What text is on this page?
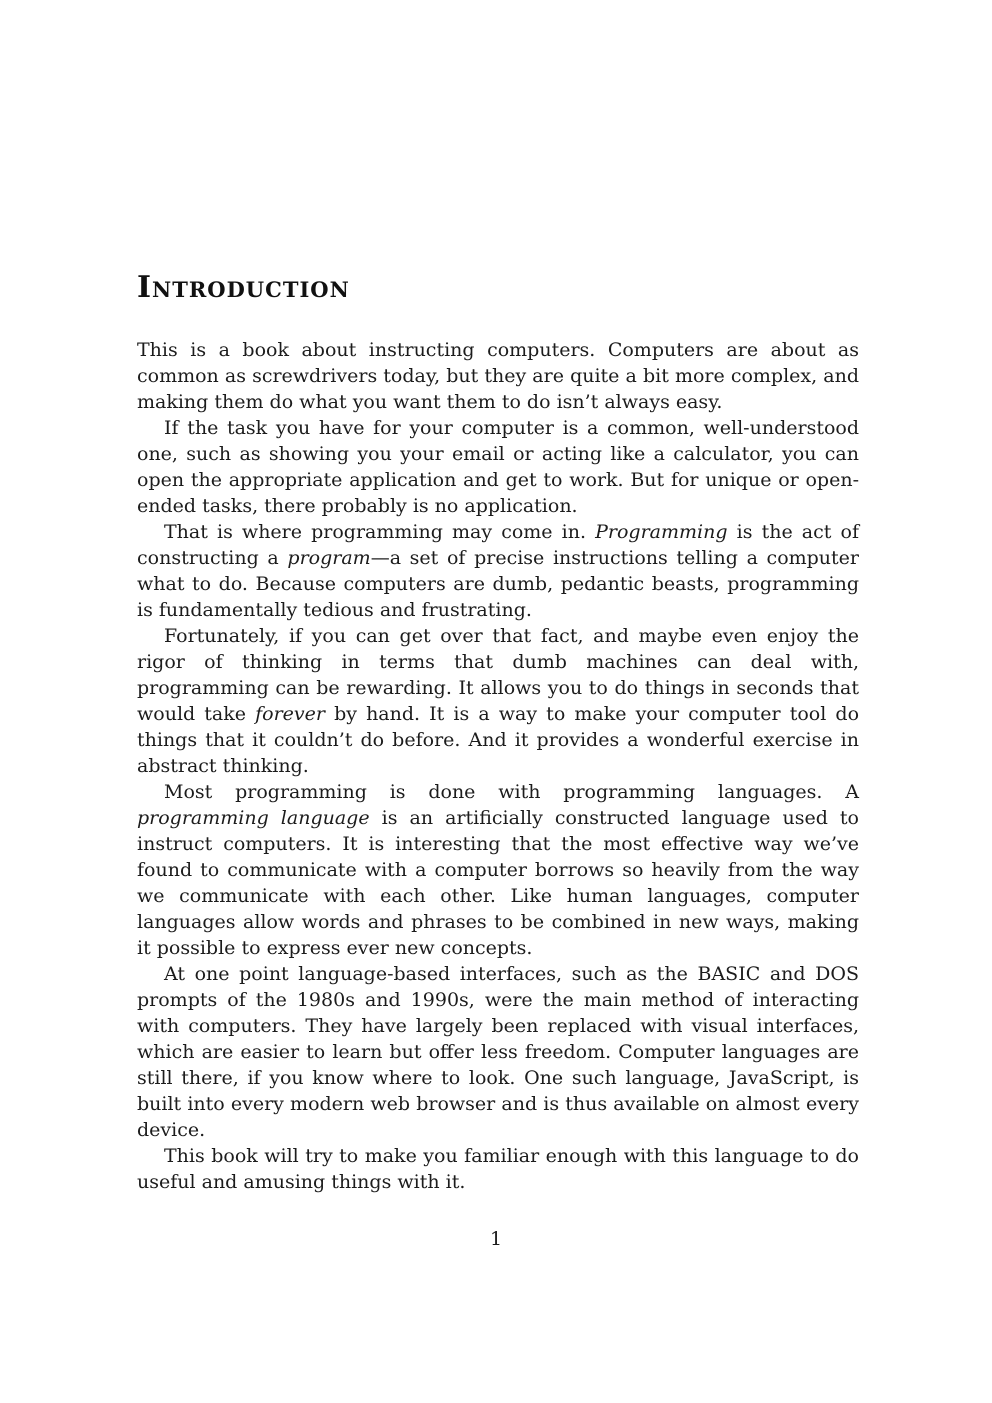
Introduction

This is a book about instructing computers. Computers are about as common as screwdrivers today, but they are quite a bit more complex, and making them do what you want them to do isn’t always easy.

If the task you have for your computer is a common, well-understood one, such as showing you your email or acting like a calculator, you can open the appropriate application and get to work. But for unique or open-ended tasks, there probably is no application.

That is where programming may come in. Programming is the act of constructing a program—a set of precise instructions telling a computer what to do. Because computers are dumb, pedantic beasts, programming is fundamentally tedious and frustrating.

Fortunately, if you can get over that fact, and maybe even enjoy the rigor of thinking in terms that dumb machines can deal with, programming can be rewarding. It allows you to do things in seconds that would take forever by hand. It is a way to make your computer tool do things that it couldn’t do before. And it provides a wonderful exercise in abstract thinking.

Most programming is done with programming languages. A programming language is an artificially constructed language used to instruct computers. It is interesting that the most effective way we’ve found to communicate with a computer borrows so heavily from the way we communicate with each other. Like human languages, computer languages allow words and phrases to be combined in new ways, making it possible to express ever new concepts.

At one point language-based interfaces, such as the BASIC and DOS prompts of the 1980s and 1990s, were the main method of interacting with computers. They have largely been replaced with visual interfaces, which are easier to learn but offer less freedom. Computer languages are still there, if you know where to look. One such language, JavaScript, is built into every modern web browser and is thus available on almost every device.

This book will try to make you familiar enough with this language to do useful and amusing things with it.

1
